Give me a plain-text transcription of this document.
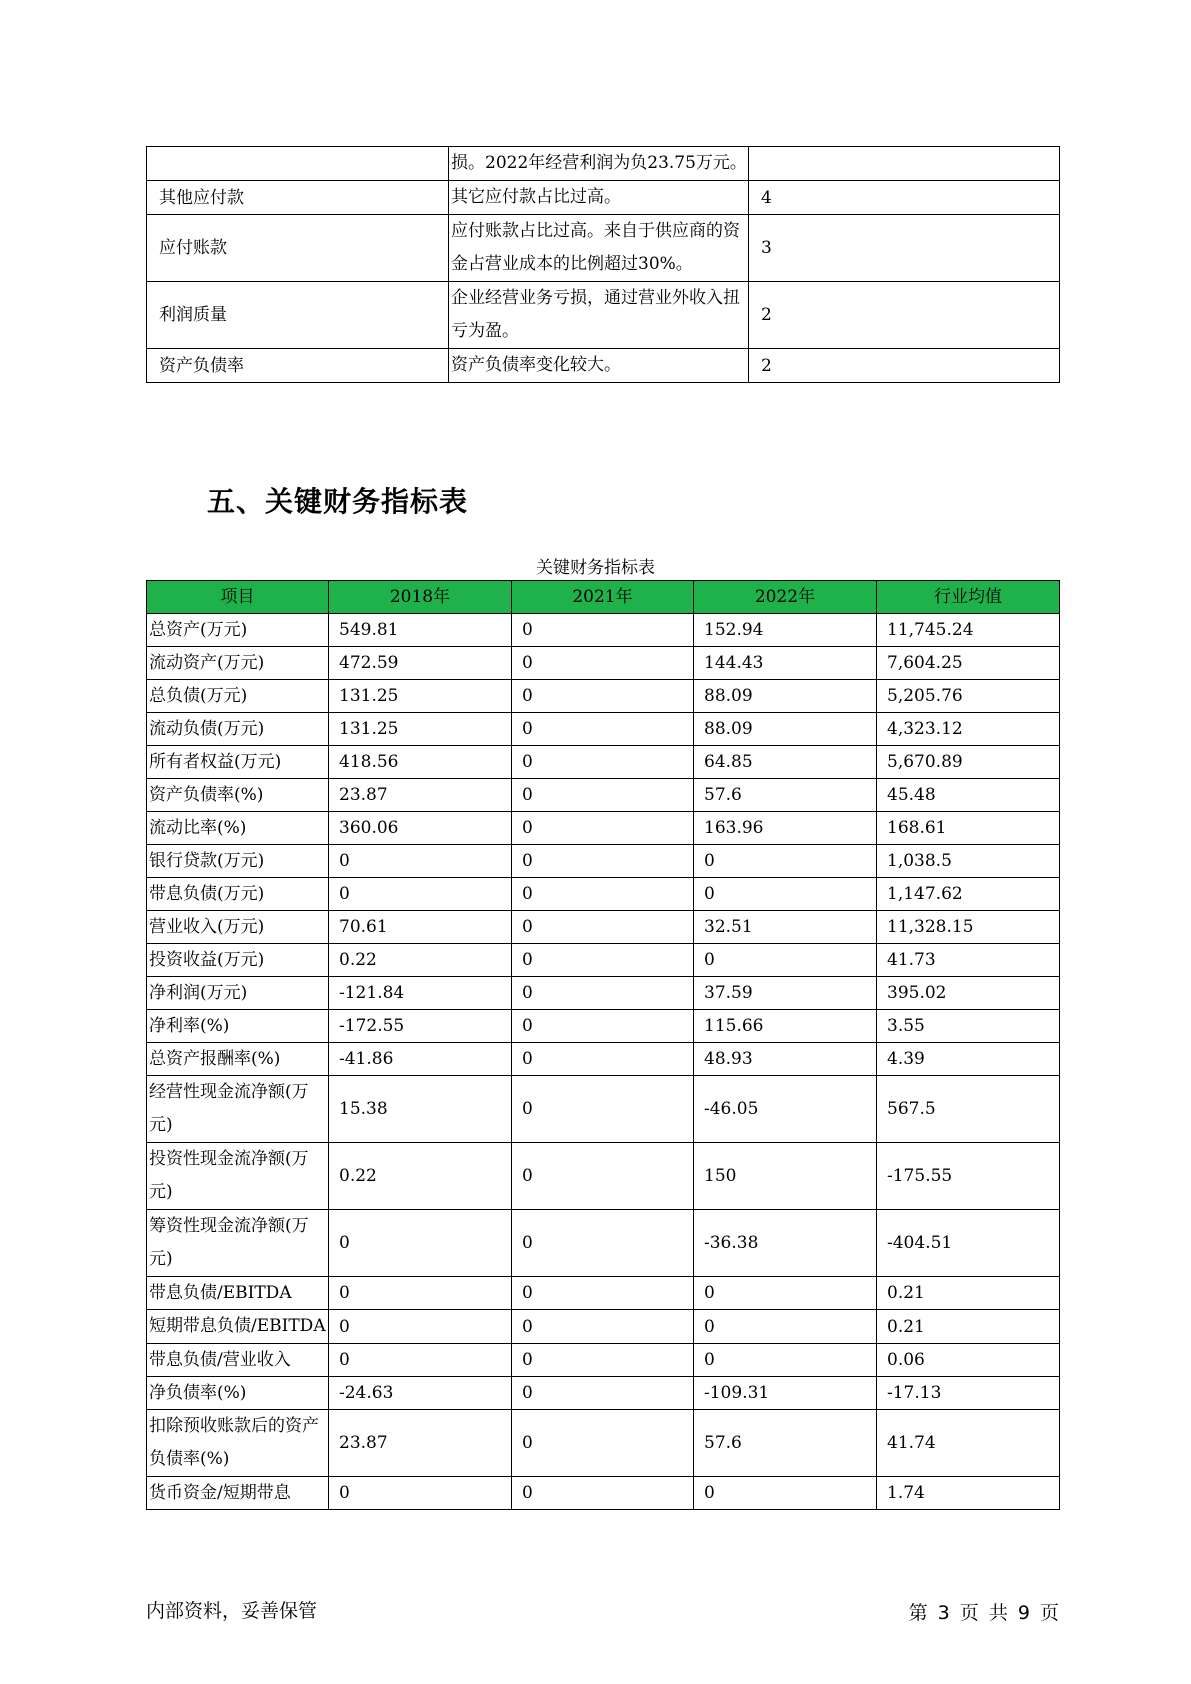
	损。2022年经营利润为负23.75万元。	
其他应付款	其它应付款占比过高。	4
应付账款	应付账款占比过高。来自于供应商的资金占营业成本的比例超过30%。	3
利润质量	企业经营业务亏损，通过营业外收入扭亏为盈。	2
资产负债率	资产负债率变化较大。	2
五、关键财务指标表
关键财务指标表
项目	2018年	2021年	2022年	行业均值
总资产(万元)	549.81	0	152.94	11,745.24
流动资产(万元)	472.59	0	144.43	7,604.25
总负债(万元)	131.25	0	88.09	5,205.76
流动负债(万元)	131.25	0	88.09	4,323.12
所有者权益(万元)	418.56	0	64.85	5,670.89
资产负债率(%)	23.87	0	57.6	45.48
流动比率(%)	360.06	0	163.96	168.61
银行贷款(万元)	0	0	0	1,038.5
带息负债(万元)	0	0	0	1,147.62
营业收入(万元)	70.61	0	32.51	11,328.15
投资收益(万元)	0.22	0	0	41.73
净利润(万元)	-121.84	0	37.59	395.02
净利率(%)	-172.55	0	115.66	3.55
总资产报酬率(%)	-41.86	0	48.93	4.39
经营性现金流净额(万元)	15.38	0	-46.05	567.5
投资性现金流净额(万元)	0.22	0	150	-175.55
筹资性现金流净额(万元)	0	0	-36.38	-404.51
带息负债/EBITDA	0	0	0	0.21
短期带息负债/EBITDA	0	0	0	0.21
带息负债/营业收入	0	0	0	0.06
净负债率(%)	-24.63	0	-109.31	-17.13
扣除预收账款后的资产负债率(%)	23.87	0	57.6	41.74
货币资金/短期带息	0	0	0	1.74
内部资料，妥善保管	第 3 页 共 9 页
